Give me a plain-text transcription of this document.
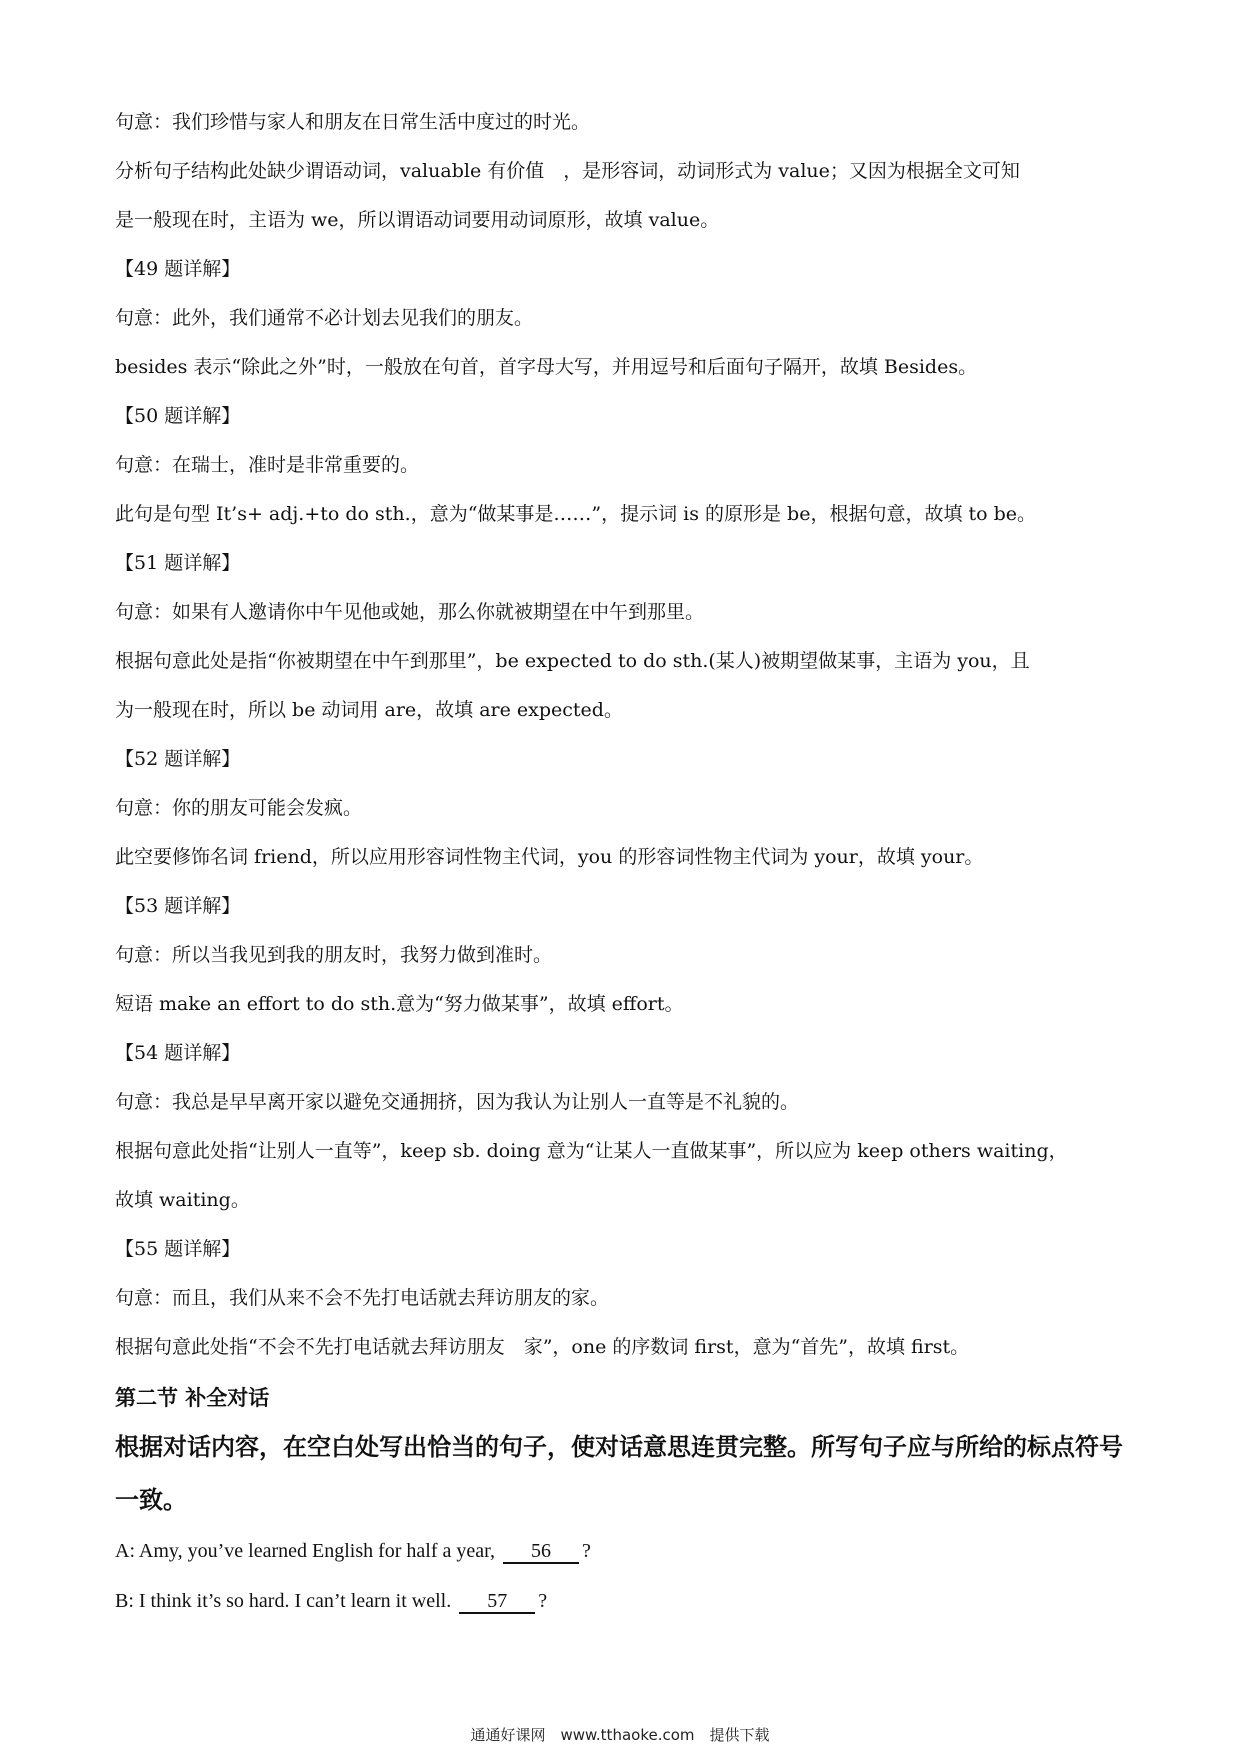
句意：我们珍惜与家人和朋友在日常生活中度过的时光。
分析句子结构此处缺少谓语动词，valuable 有价值　，是形容词，动词形式为 value；又因为根据全文可知
是一般现在时，主语为 we，所以谓语动词要用动词原形，故填 value。
【49 题详解】
句意：此外，我们通常不必计划去见我们的朋友。
besides 表示“除此之外”时，一般放在句首，首字母大写，并用逗号和后面句子隔开，故填 Besides。
【50 题详解】
句意：在瑞士，准时是非常重要的。
此句是句型 It’s+ adj.+to do sth.，意为“做某事是……”，提示词 is 的原形是 be，根据句意，故填 to be。
【51 题详解】
句意：如果有人邀请你中午见他或她，那么你就被期望在中午到那里。
根据句意此处是指“你被期望在中午到那里”，be expected to do sth.(某人)被期望做某事，主语为 you，且
为一般现在时，所以 be 动词用 are，故填 are expected。
【52 题详解】
句意：你的朋友可能会发疯。
此空要修饰名词 friend，所以应用形容词性物主代词，you 的形容词性物主代词为 your，故填 your。
【53 题详解】
句意：所以当我见到我的朋友时，我努力做到准时。
短语 make an effort to do sth.意为“努力做某事”，故填 effort。
【54 题详解】
句意：我总是早早离开家以避免交通拥挤，因为我认为让别人一直等是不礼貌的。
根据句意此处指“让别人一直等”，keep sb. doing 意为“让某人一直做某事”，所以应为 keep others waiting，
故填 waiting。
【55 题详解】
句意：而且，我们从来不会不先打电话就去拜访朋友的家。
根据句意此处指“不会不先打电话就去拜访朋友　家”，one 的序数词 first，意为“首先”，故填 first。
第二节 补全对话
根据对话内容，在空白处写出恰当的句子，使对话意思连贯完整。所写句子应与所给的标点符号一致。
A: Amy, you’ve learned English for half a year, 56 ?
B: I think it’s so hard. I can’t learn it well. 57 ?
通通好课网　www.tthaoke.com　提供下载
